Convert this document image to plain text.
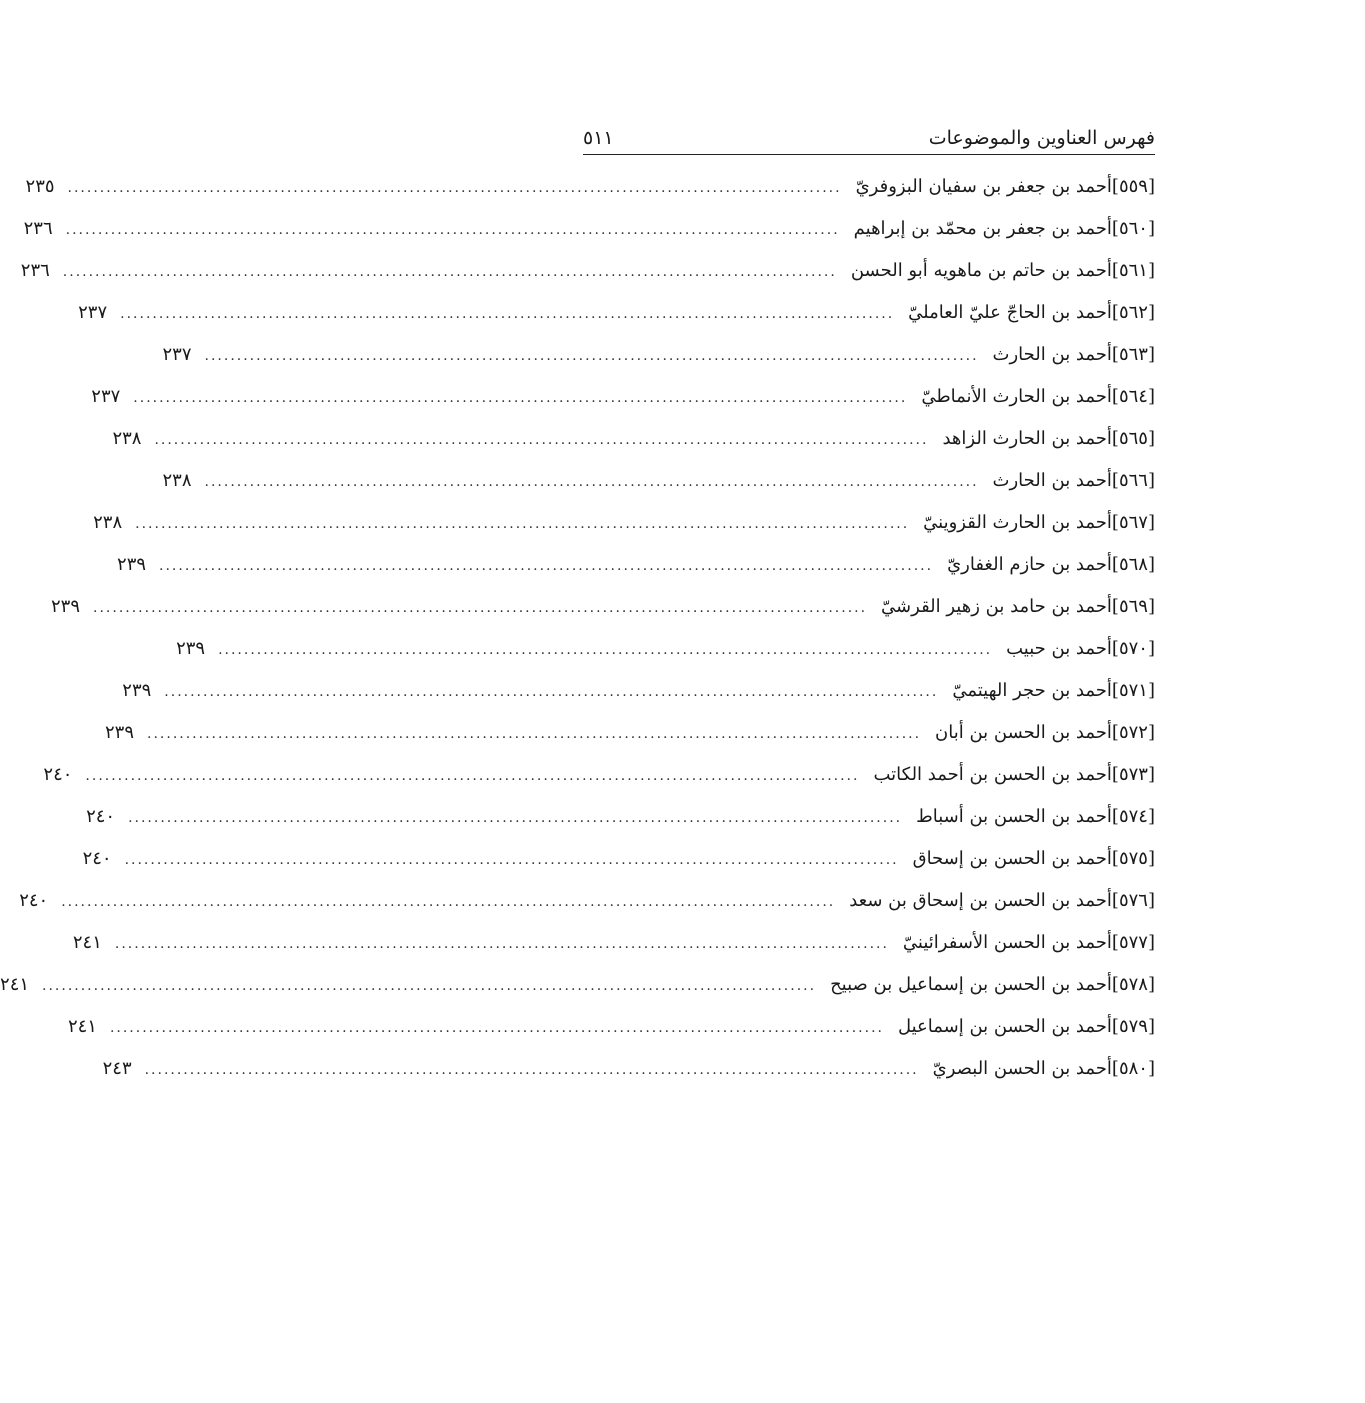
فهرس العناوين والموضوعات
٥١١
[٥٥٩]
أحمد بن جعفر بن سفيان البزوفريّ
........................................................................................................................
٢٣٥
[٥٦٠]
أحمد بن جعفر بن محمّد بن إبراهيم
........................................................................................................................
٢٣٦
[٥٦١]
أحمد بن حاتم بن ماهويه أبو الحسن
........................................................................................................................
٢٣٦
[٥٦٢]
أحمد بن الحاجّ عليّ العامليّ
........................................................................................................................
٢٣٧
[٥٦٣]
أحمد بن الحارث
........................................................................................................................
٢٣٧
[٥٦٤]
أحمد بن الحارث الأنماطيّ
........................................................................................................................
٢٣٧
[٥٦٥]
أحمد بن الحارث الزاهد
........................................................................................................................
٢٣٨
[٥٦٦]
أحمد بن الحارث
........................................................................................................................
٢٣٨
[٥٦٧]
أحمد بن الحارث القزوينيّ
........................................................................................................................
٢٣٨
[٥٦٨]
أحمد بن حازم الغفاريّ
........................................................................................................................
٢٣٩
[٥٦٩]
أحمد بن حامد بن زهير القرشيّ
........................................................................................................................
٢٣٩
[٥٧٠]
أحمد بن حبيب
........................................................................................................................
٢٣٩
[٥٧١]
أحمد بن حجر الهيتميّ
........................................................................................................................
٢٣٩
[٥٧٢]
أحمد بن الحسن بن أبان
........................................................................................................................
٢٣٩
[٥٧٣]
أحمد بن الحسن بن أحمد الكاتب
........................................................................................................................
٢٤٠
[٥٧٤]
أحمد بن الحسن بن أسباط
........................................................................................................................
٢٤٠
[٥٧٥]
أحمد بن الحسن بن إسحاق
........................................................................................................................
٢٤٠
[٥٧٦]
أحمد بن الحسن بن إسحاق بن سعد
........................................................................................................................
٢٤٠
[٥٧٧]
أحمد بن الحسن الأسفرائينيّ
........................................................................................................................
٢٤١
[٥٧٨]
أحمد بن الحسن بن إسماعيل بن صبيح
........................................................................................................................
٢٤١
[٥٧٩]
أحمد بن الحسن بن إسماعيل
........................................................................................................................
٢٤١
[٥٨٠]
أحمد بن الحسن البصريّ
........................................................................................................................
٢٤٣
